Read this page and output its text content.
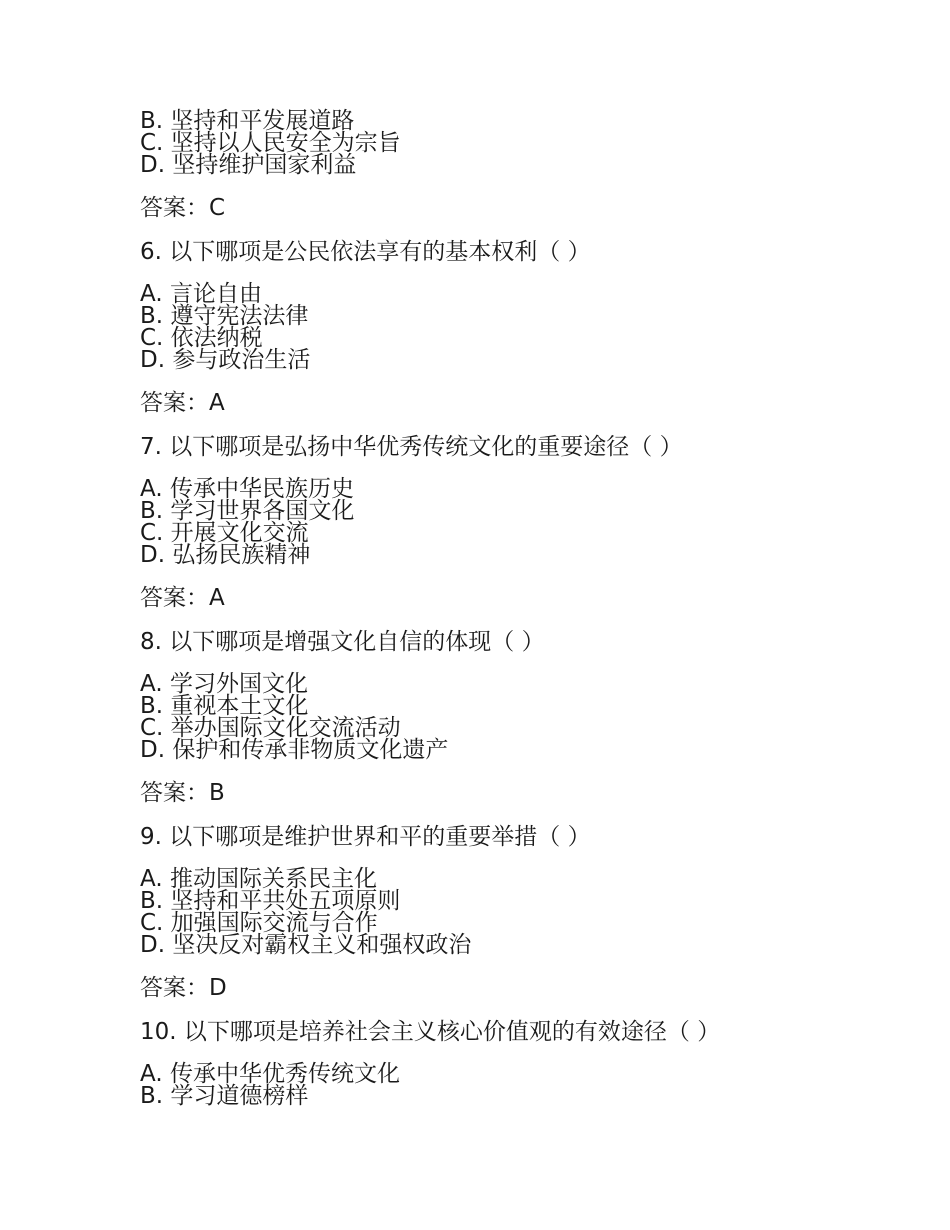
B. 坚持和平发展道路
C. 坚持以人民安全为宗旨
D. 坚持维护国家利益
答案：C
6. 以下哪项是公民依法享有的基本权利（ ）
A. 言论自由
B. 遵守宪法法律
C. 依法纳税
D. 参与政治生活
答案：A
7. 以下哪项是弘扬中华优秀传统文化的重要途径（ ）
A. 传承中华民族历史
B. 学习世界各国文化
C. 开展文化交流
D. 弘扬民族精神
答案：A
8. 以下哪项是增强文化自信的体现（ ）
A. 学习外国文化
B. 重视本土文化
C. 举办国际文化交流活动
D. 保护和传承非物质文化遗产
答案：B
9. 以下哪项是维护世界和平的重要举措（ ）
A. 推动国际关系民主化
B. 坚持和平共处五项原则
C. 加强国际交流与合作
D. 坚决反对霸权主义和强权政治
答案：D
10. 以下哪项是培养社会主义核心价值观的有效途径（ ）
A. 传承中华优秀传统文化
B. 学习道德榜样
